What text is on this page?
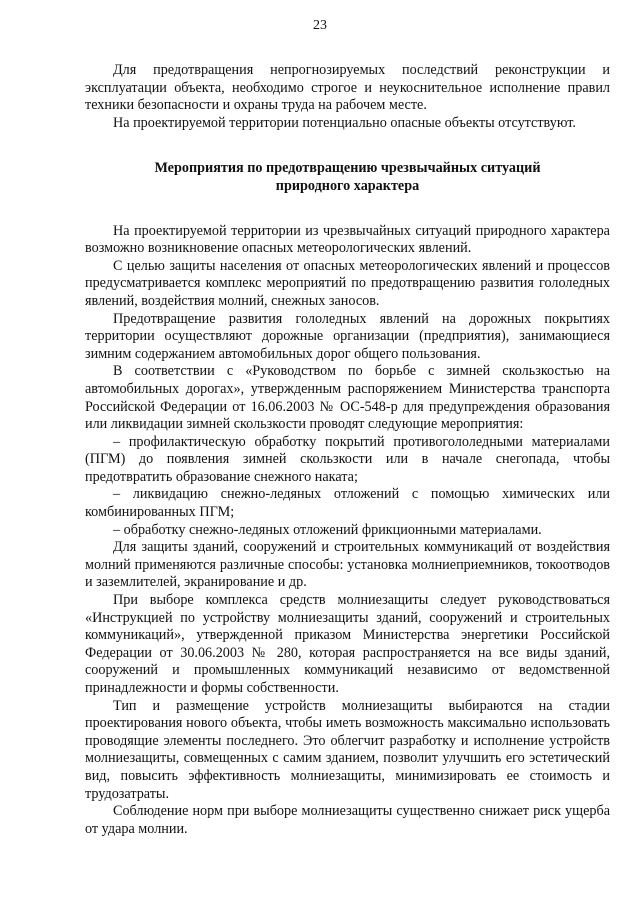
23

Для предотвращения непрогнозируемых последствий реконструкции и эксплуатации объекта, необходимо строгое и неукоснительное исполнение правил техники безопасности и охраны труда на рабочем месте.

На проектируемой территории потенциально опасные объекты отсутствуют.

Мероприятия по предотвращению чрезвычайных ситуаций
природного характера

На проектируемой территории из чрезвычайных ситуаций природного характера возможно возникновение опасных метеорологических явлений.

С целью защиты населения от опасных метеорологических явлений и процессов предусматривается комплекс мероприятий по предотвращению развития гололедных явлений, воздействия молний, снежных заносов.

Предотвращение развития гололедных явлений на дорожных покрытиях территории осуществляют дорожные организации (предприятия), занимающиеся зимним содержанием автомобильных дорог общего пользования.

В соответствии с «Руководством по борьбе с зимней скользкостью на автомобильных дорогах», утвержденным распоряжением Министерства транспорта Российской Федерации от 16.06.2003 № ОС-548-р для предупреждения образования или ликвидации зимней скользкости проводят следующие мероприятия:

– профилактическую обработку покрытий противогололедными материалами (ПГМ) до появления зимней скользкости или в начале снегопада, чтобы предотвратить образование снежного наката;

– ликвидацию снежно-ледяных отложений с помощью химических или комбинированных ПГМ;

– обработку снежно-ледяных отложений фрикционными материалами.

Для защиты зданий, сооружений и строительных коммуникаций от воздействия молний применяются различные способы: установка молниеприемников, токоотводов и заземлителей, экранирование и др.

При выборе комплекса средств молниезащиты следует руководствоваться «Инструкцией по устройству молниезащиты зданий, сооружений и строительных коммуникаций», утвержденной приказом Министерства энергетики Российской Федерации от 30.06.2003 № 280, которая распространяется на все виды зданий, сооружений и промышленных коммуникаций независимо от ведомственной принадлежности и формы собственности.

Тип и размещение устройств молниезащиты выбираются на стадии проектирования нового объекта, чтобы иметь возможность максимально использовать проводящие элементы последнего. Это облегчит разработку и исполнение устройств молниезащиты, совмещенных с самим зданием, позволит улучшить его эстетический вид, повысить эффективность молниезащиты, минимизировать ее стоимость и трудозатраты.

Соблюдение норм при выборе молниезащиты существенно снижает риск ущерба от удара молнии.
